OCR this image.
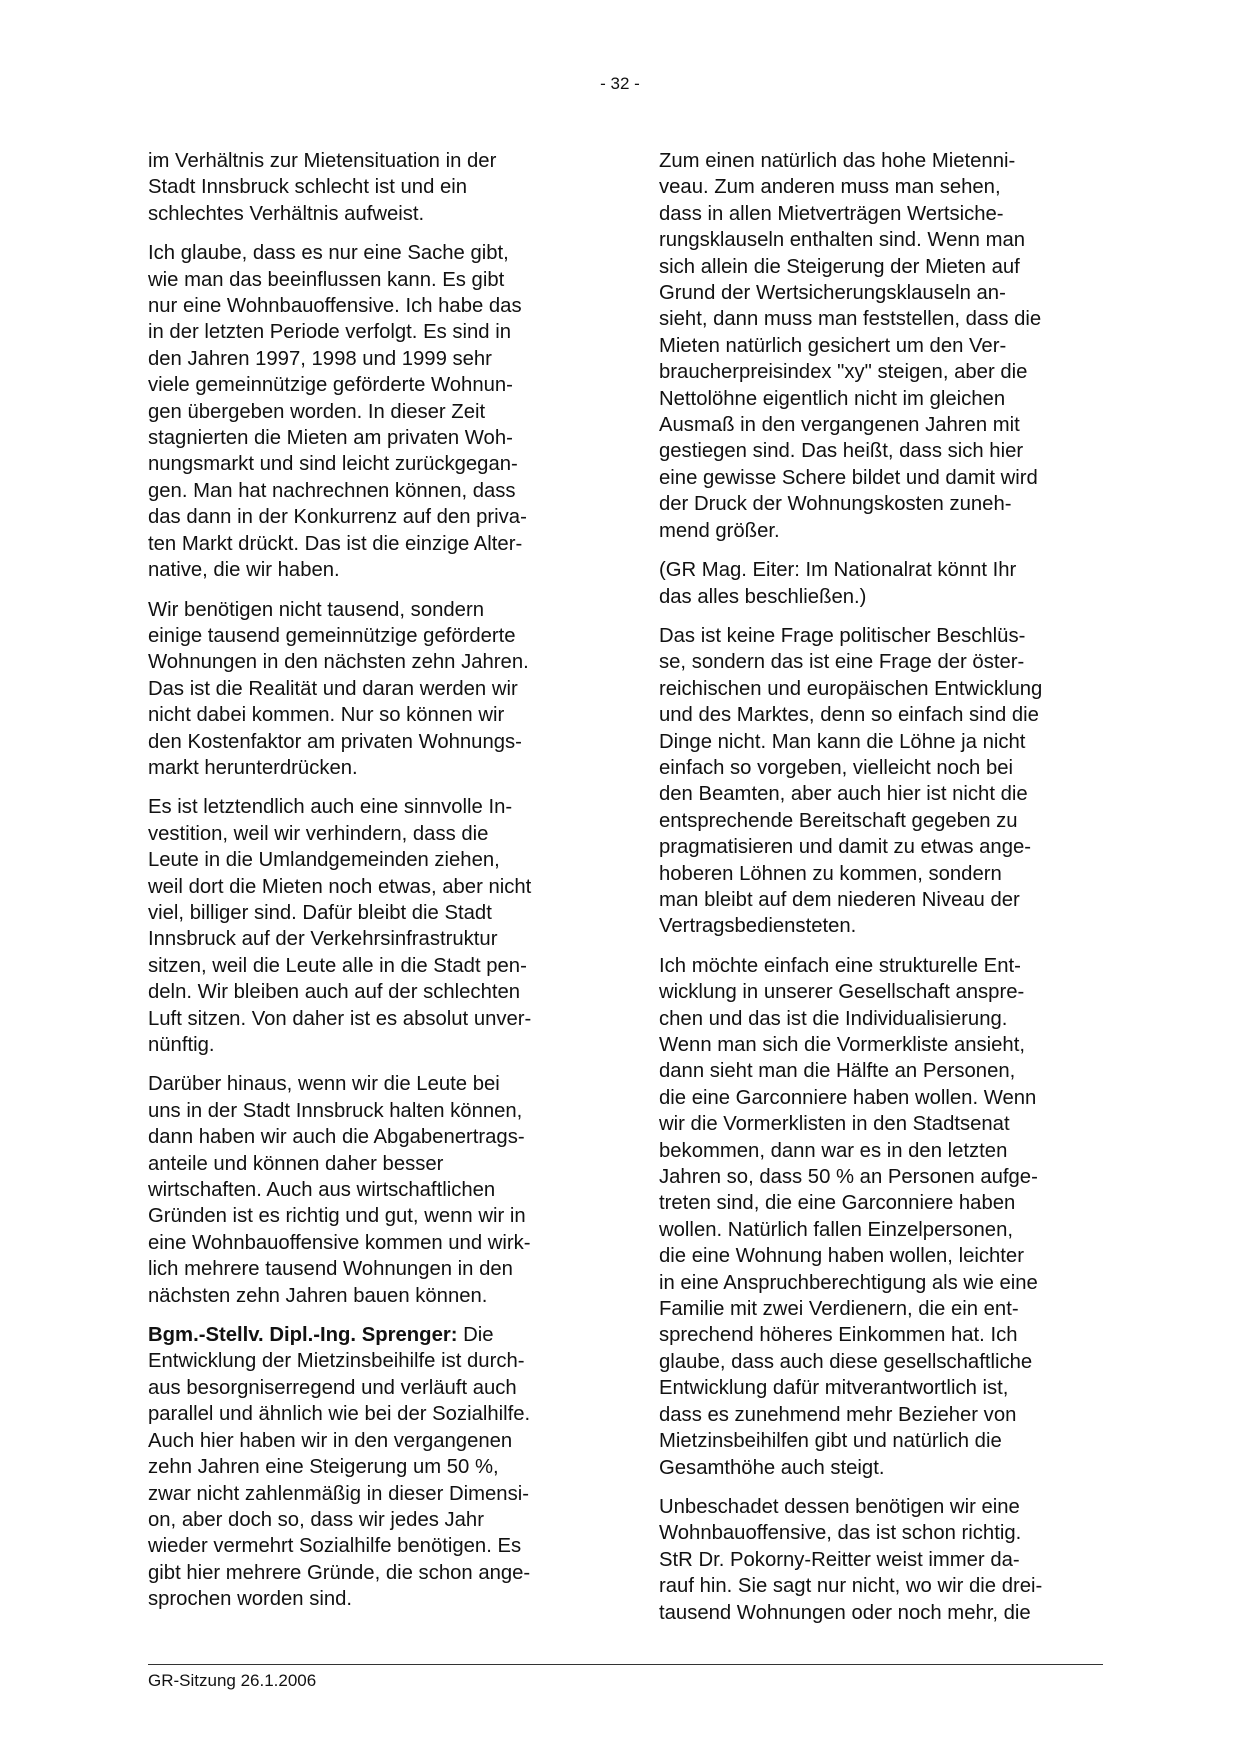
- 32 -

im Verhältnis zur Mietensituation in der
Stadt Innsbruck schlecht ist und ein
schlechtes Verhältnis aufweist.

Ich glaube, dass es nur eine Sache gibt,
wie man das beeinflussen kann. Es gibt
nur eine Wohnbauoffensive. Ich habe das
in der letzten Periode verfolgt. Es sind in
den Jahren 1997, 1998 und 1999 sehr
viele gemeinnützige geförderte Wohnun-
gen übergeben worden. In dieser Zeit
stagnierten die Mieten am privaten Woh-
nungsmarkt und sind leicht zurückgegan-
gen. Man hat nachrechnen können, dass
das dann in der Konkurrenz auf den priva-
ten Markt drückt. Das ist die einzige Alter-
native, die wir haben.

Wir benötigen nicht tausend, sondern
einige tausend gemeinnützige geförderte
Wohnungen in den nächsten zehn Jahren.
Das ist die Realität und daran werden wir
nicht dabei kommen. Nur so können wir
den Kostenfaktor am privaten Wohnungs-
markt herunterdrücken.

Es ist letztendlich auch eine sinnvolle In-
vestition, weil wir verhindern, dass die
Leute in die Umlandgemeinden ziehen,
weil dort die Mieten noch etwas, aber nicht
viel, billiger sind. Dafür bleibt die Stadt
Innsbruck auf der Verkehrsinfrastruktur
sitzen, weil die Leute alle in die Stadt pen-
deln. Wir bleiben auch auf der schlechten
Luft sitzen. Von daher ist es absolut unver-
nünftig.

Darüber hinaus, wenn wir die Leute bei
uns in der Stadt Innsbruck halten können,
dann haben wir auch die Abgabenertrags-
anteile und können daher besser
wirtschaften. Auch aus wirtschaftlichen
Gründen ist es richtig und gut, wenn wir in
eine Wohnbauoffensive kommen und wirk-
lich mehrere tausend Wohnungen in den
nächsten zehn Jahren bauen können.

Bgm.-Stellv. Dipl.-Ing. Sprenger: Die
Entwicklung der Mietzinsbeihilfe ist durch-
aus besorgniserregend und verläuft auch
parallel und ähnlich wie bei der Sozialhilfe.
Auch hier haben wir in den vergangenen
zehn Jahren eine Steigerung um 50 %,
zwar nicht zahlenmäßig in dieser Dimensi-
on, aber doch so, dass wir jedes Jahr
wieder vermehrt Sozialhilfe benötigen. Es
gibt hier mehrere Gründe, die schon ange-
sprochen worden sind.

Zum einen natürlich das hohe Mietenni-
veau. Zum anderen muss man sehen,
dass in allen Mietverträgen Wertsiche-
rungsklauseln enthalten sind. Wenn man
sich allein die Steigerung der Mieten auf
Grund der Wertsicherungsklauseln an-
sieht, dann muss man feststellen, dass die
Mieten natürlich gesichert um den Ver-
braucherpreisindex "xy" steigen, aber die
Nettolöhne eigentlich nicht im gleichen
Ausmaß in den vergangenen Jahren mit
gestiegen sind. Das heißt, dass sich hier
eine gewisse Schere bildet und damit wird
der Druck der Wohnungskosten zuneh-
mend größer.

(GR Mag. Eiter: Im Nationalrat könnt Ihr
das alles beschließen.)

Das ist keine Frage politischer Beschlüs-
se, sondern das ist eine Frage der öster-
reichischen und europäischen Entwicklung
und des Marktes, denn so einfach sind die
Dinge nicht. Man kann die Löhne ja nicht
einfach so vorgeben, vielleicht noch bei
den Beamten, aber auch hier ist nicht die
entsprechende Bereitschaft gegeben zu
pragmatisieren und damit zu etwas ange-
hoberen Löhnen zu kommen, sondern
man bleibt auf dem niederen Niveau der
Vertragsbediensteten.

Ich möchte einfach eine strukturelle Ent-
wicklung in unserer Gesellschaft anspre-
chen und das ist die Individualisierung.
Wenn man sich die Vormerkliste ansieht,
dann sieht man die Hälfte an Personen,
die eine Garconniere haben wollen. Wenn
wir die Vormerklisten in den Stadtsenat
bekommen, dann war es in den letzten
Jahren so, dass 50 % an Personen aufge-
treten sind, die eine Garconniere haben
wollen. Natürlich fallen Einzelpersonen,
die eine Wohnung haben wollen, leichter
in eine Anspruchberechtigung als wie eine
Familie mit zwei Verdienern, die ein ent-
sprechend höheres Einkommen hat. Ich
glaube, dass auch diese gesellschaftliche
Entwicklung dafür mitverantwortlich ist,
dass es zunehmend mehr Bezieher von
Mietzinsbeihilfen gibt und natürlich die
Gesamthöhe auch steigt.

Unbeschadet dessen benötigen wir eine
Wohnbauoffensive, das ist schon richtig.
StR Dr. Pokorny-Reitter weist immer da-
rauf hin. Sie sagt nur nicht, wo wir die drei-
tausend Wohnungen oder noch mehr, die

GR-Sitzung 26.1.2006
